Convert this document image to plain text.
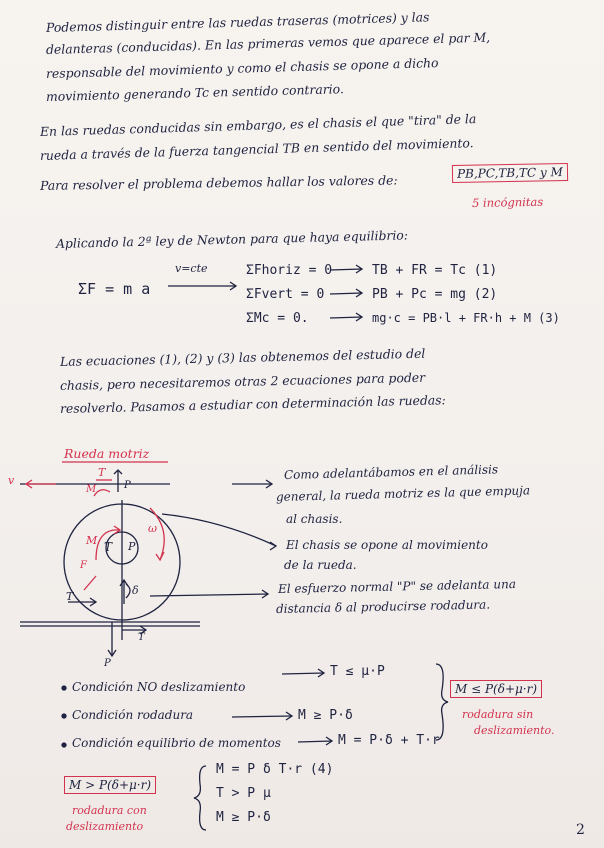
Podemos distinguir entre las ruedas traseras (motrices) y las
delanteras (conducidas). En las primeras vemos que aparece el par M,
responsable del movimiento y como el chasis se opone a dicho
movimiento generando Tc en sentido contrario.
En las ruedas conducidas sin embargo, es el chasis el que "tira" de la
rueda a través de la fuerza tangencial TB en sentido del movimiento.
Para resolver el problema debemos hallar los valores de:	PB,PC,TB,TC y M
5 incógnitas
Aplicando la 2ª ley de Newton para que haya equilibrio:
ΣF = m a
v=cte	ΣFhoriz = 0	TB + FR = Tc (1)
ΣFvert = 0	PB + Pc = mg (2)
ΣMc = 0.	mg·c = PB·l + FR·h + M (3)
Las ecuaciones (1), (2) y (3) las obtenemos del estudio del
chasis, pero necesitaremos otras 2 ecuaciones para poder
resolverlo. Pasamos a estudiar con determinación las ruedas:
Rueda motriz
v
T
M	P
ω
M T P
F
δ
T
T
P
Como adelantábamos en el análisis
general, la rueda motriz es la que empuja
al chasis.
El chasis se opone al movimiento
de la rueda.
El esfuerzo normal "P" se adelanta una
distancia δ al producirse rodadura.
Condición NO deslizamiento
T ≤ μ·P
Condición rodadura	M ≥ P·δ
Condición equilibrio de momentos	M = P·δ + T·r
M ≤ P(δ+μ·r)
rodadura sin
deslizamiento.
M > P(δ+μ·r)
rodadura con
deslizamiento
M = P δ T·r (4)
T > P μ
M ≥ P·δ
2
